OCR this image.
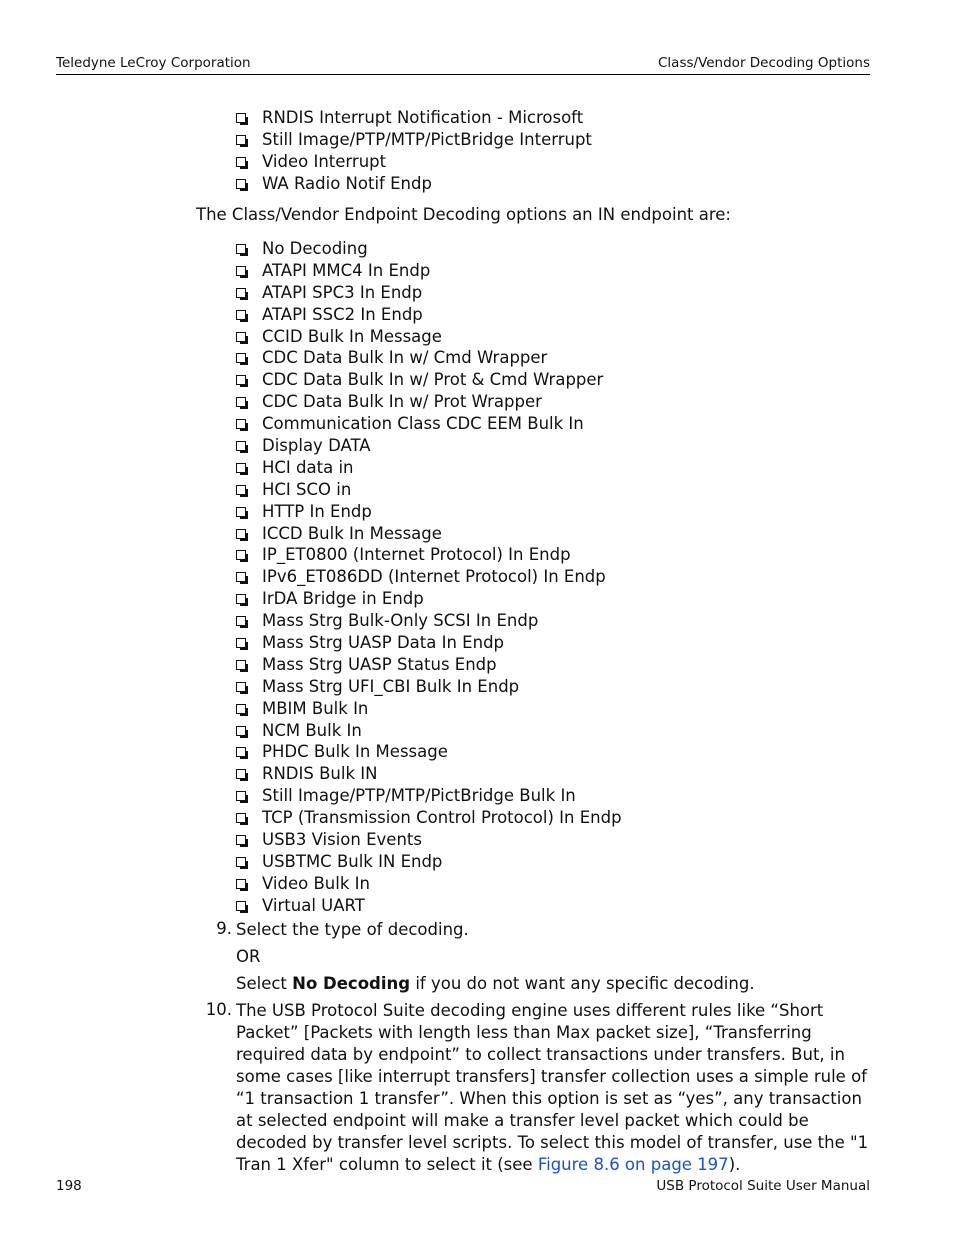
Teledyne LeCroy Corporation	Class/Vendor Decoding Options
RNDIS Interrupt Notification - Microsoft
Still Image/PTP/MTP/PictBridge Interrupt
Video Interrupt
WA Radio Notif Endp
The Class/Vendor Endpoint Decoding options an IN endpoint are:
No Decoding
ATAPI MMC4 In Endp
ATAPI SPC3 In Endp
ATAPI SSC2 In Endp
CCID Bulk In Message
CDC Data Bulk In w/ Cmd Wrapper
CDC Data Bulk In w/ Prot & Cmd Wrapper
CDC Data Bulk In w/ Prot Wrapper
Communication Class CDC EEM Bulk In
Display DATA
HCI data in
HCI SCO in
HTTP In Endp
ICCD Bulk In Message
IP_ET0800 (Internet Protocol) In Endp
IPv6_ET086DD (Internet Protocol) In Endp
IrDA Bridge in Endp
Mass Strg Bulk-Only SCSI In Endp
Mass Strg UASP Data In Endp
Mass Strg UASP Status Endp
Mass Strg UFI_CBI Bulk In Endp
MBIM Bulk In
NCM Bulk In
PHDC Bulk In Message
RNDIS Bulk IN
Still Image/PTP/MTP/PictBridge Bulk In
TCP (Transmission Control Protocol) In Endp
USB3 Vision Events
USBTMC Bulk IN Endp
Video Bulk In
Virtual UART
9. Select the type of decoding.

OR

Select No Decoding if you do not want any specific decoding.

10. The USB Protocol Suite decoding engine uses different rules like “Short Packet” [Packets with length less than Max packet size], “Transferring required data by endpoint” to collect transactions under transfers. But, in some cases [like interrupt transfers] transfer collection uses a simple rule of “1 transaction 1 transfer”. When this option is set as “yes”, any transaction at selected endpoint will make a transfer level packet which could be decoded by transfer level scripts. To select this model of transfer, use the "1 Tran 1 Xfer" column to select it (see Figure 8.6 on page 197).

198	USB Protocol Suite User Manual
